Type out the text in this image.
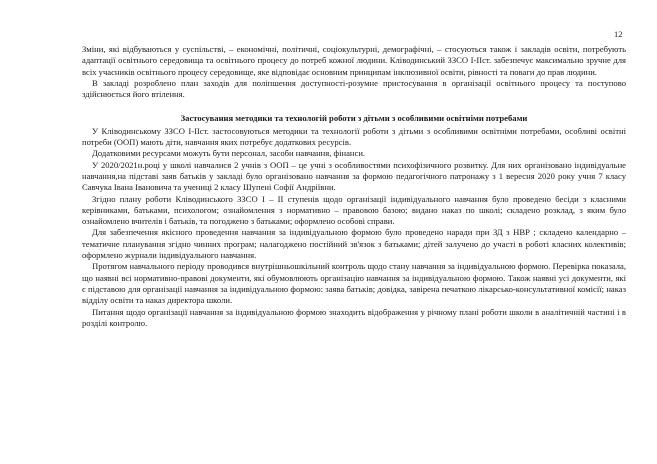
12

Зміни, які відбуваються у суспільстві, – економічні, політичні, соціокультурні, демографічні, – стосуються також і закладів освіти, потребують адаптації освітнього середовища та освітнього процесу до потреб кожної людини. Кліводинський ЗЗСО І-ІІст. забезпечує максимально зручне для всіх учасників освітнього процесу середовище, яке відповідає основним принципам інклюзивної освіти, рівності та поваги до прав людини.

В закладі розроблено план заходів для поліпшення доступності-розумне пристосування в організації освітнього процесу та поступово здійснюється його втілення.

Застосування методики та технологій роботи з дітьми з особливими освітніми потребами

У Кліводинському ЗЗСО І-ІІст. застосовуються методики та технології роботи з дітьми з особливими освітніми потребами, особливі освітні потреби (ООП) мають діти, навчання яких потребує додаткових ресурсів.

Додатковими ресурсами можуть бути персонал, засоби навчання, фінанси.

У 2020/2021н.році у школі навчалися 2 учнів з ООП – це учні з особливостями психофізичного розвитку. Для них організовано індивідуальне навчання,на підставі заяв батьків у закладі було організовано навчання за формою педагогічного патронажу з 1 вересня 2020 року учня 7 класу Савчука Івана Івановича та учениці 2 класу Шупені Софії Андріївни.

Згідно плану роботи Кліводинського ЗЗСО І – ІІ ступенів щодо організації індивідуального навчання було проведено бесіди з класними керівниками, батьками, психологом; ознайомлення з нормативно – правовою базою; видано наказ по школі; складено розклад, з яким було ознайомлено вчителів і батьків, та погоджено з батьками; оформлено особові справи.

Для забезпечення якісного проведення навчання за індивідуальною формою було проведено наради при ЗД з НВР ; складено календарно – тематичне планування згідно чинних програм; налагоджено постійний зв'язок з батьками; дітей залучено до участі в роботі класних колективів; оформлено журнали індивідуального навчання.

Протягом навчального періоду проводився внутрішньошкільний контроль щодо стану навчання за індивідуальною формою. Перевірка показала, що наявні всі нормативно-правові документи, які обумовлюють організацію навчання за індивідуальною формою. Також наявні усі документи, які є підставою для організації навчання за індивідуальною формою: заява батьків; довідка, завірена печаткою лікарсько-консультативної комісії; наказ відділу освіти та наказ директора школи.

Питання щодо організації навчання за індивідуальною формою знаходить відображення у річному плані роботи школи в аналітичній частині і в розділі контролю.
